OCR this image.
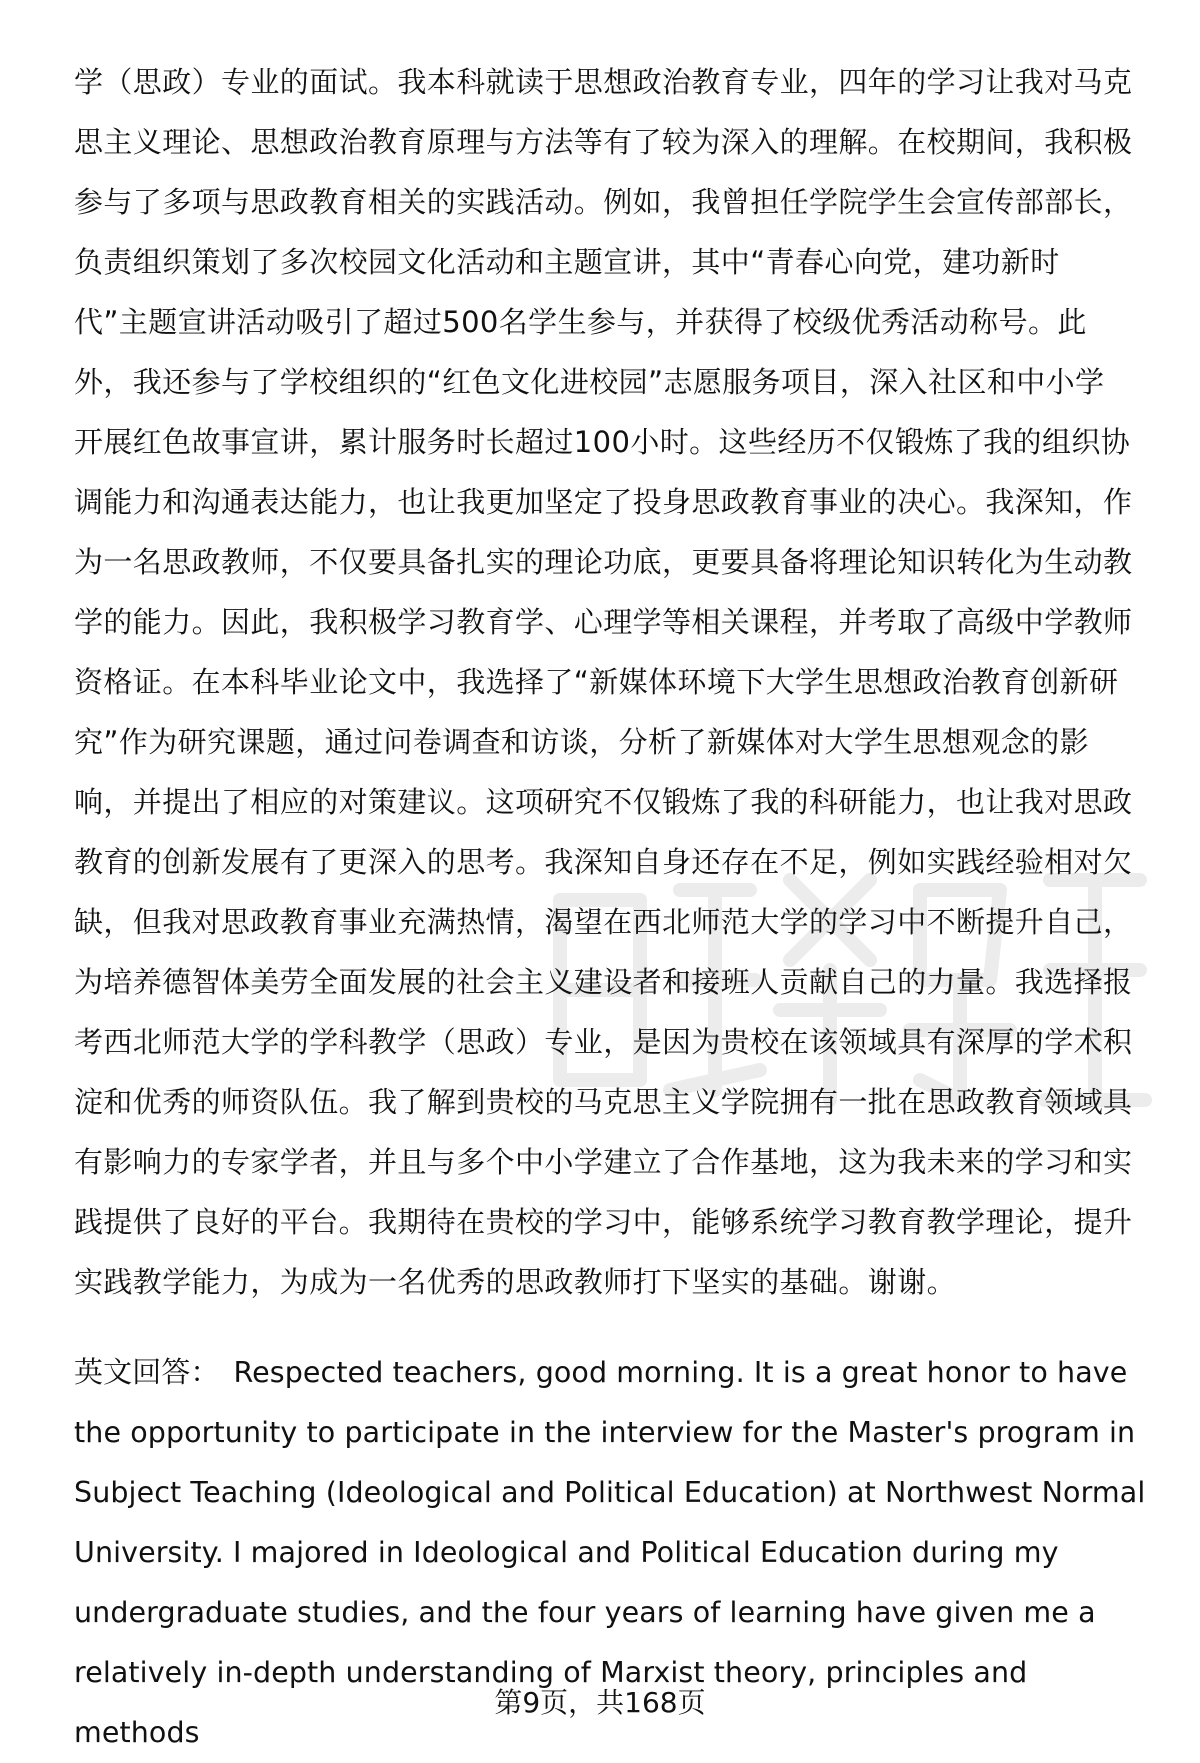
学（思政）专业的面试。我本科就读于思想政治教育专业，四年的学习让我对马克
思主义理论、思想政治教育原理与方法等有了较为深入的理解。在校期间，我积极
参与了多项与思政教育相关的实践活动。例如，我曾担任学院学生会宣传部部长，
负责组织策划了多次校园文化活动和主题宣讲，其中“青春心向党，建功新时
代”主题宣讲活动吸引了超过500名学生参与，并获得了校级优秀活动称号。此
外，我还参与了学校组织的“红色文化进校园”志愿服务项目，深入社区和中小学
开展红色故事宣讲，累计服务时长超过100小时。这些经历不仅锻炼了我的组织协
调能力和沟通表达能力，也让我更加坚定了投身思政教育事业的决心。我深知，作
为一名思政教师，不仅要具备扎实的理论功底，更要具备将理论知识转化为生动教
学的能力。因此，我积极学习教育学、心理学等相关课程，并考取了高级中学教师
资格证。在本科毕业论文中，我选择了“新媒体环境下大学生思想政治教育创新研
究”作为研究课题，通过问卷调查和访谈，分析了新媒体对大学生思想观念的影
响，并提出了相应的对策建议。这项研究不仅锻炼了我的科研能力，也让我对思政
教育的创新发展有了更深入的思考。我深知自身还存在不足，例如实践经验相对欠
缺，但我对思政教育事业充满热情，渴望在西北师范大学的学习中不断提升自己，
为培养德智体美劳全面发展的社会主义建设者和接班人贡献自己的力量。我选择报
考西北师范大学的学科教学（思政）专业，是因为贵校在该领域具有深厚的学术积
淀和优秀的师资队伍。我了解到贵校的马克思主义学院拥有一批在思政教育领域具
有影响力的专家学者，并且与多个中小学建立了合作基地，这为我未来的学习和实
践提供了良好的平台。我期待在贵校的学习中，能够系统学习教育教学理论，提升
实践教学能力，为成为一名优秀的思政教师打下坚实的基础。谢谢。

英文回答： Respected teachers, good morning. It is a great honor to have
the opportunity to participate in the interview for the Master's program in
Subject Teaching (Ideological and Political Education) at Northwest Normal
University. I majored in Ideological and Political Education during my
undergraduate studies, and the four years of learning have given me a
relatively in-depth understanding of Marxist theory, principles and methods

第9页，共168页
